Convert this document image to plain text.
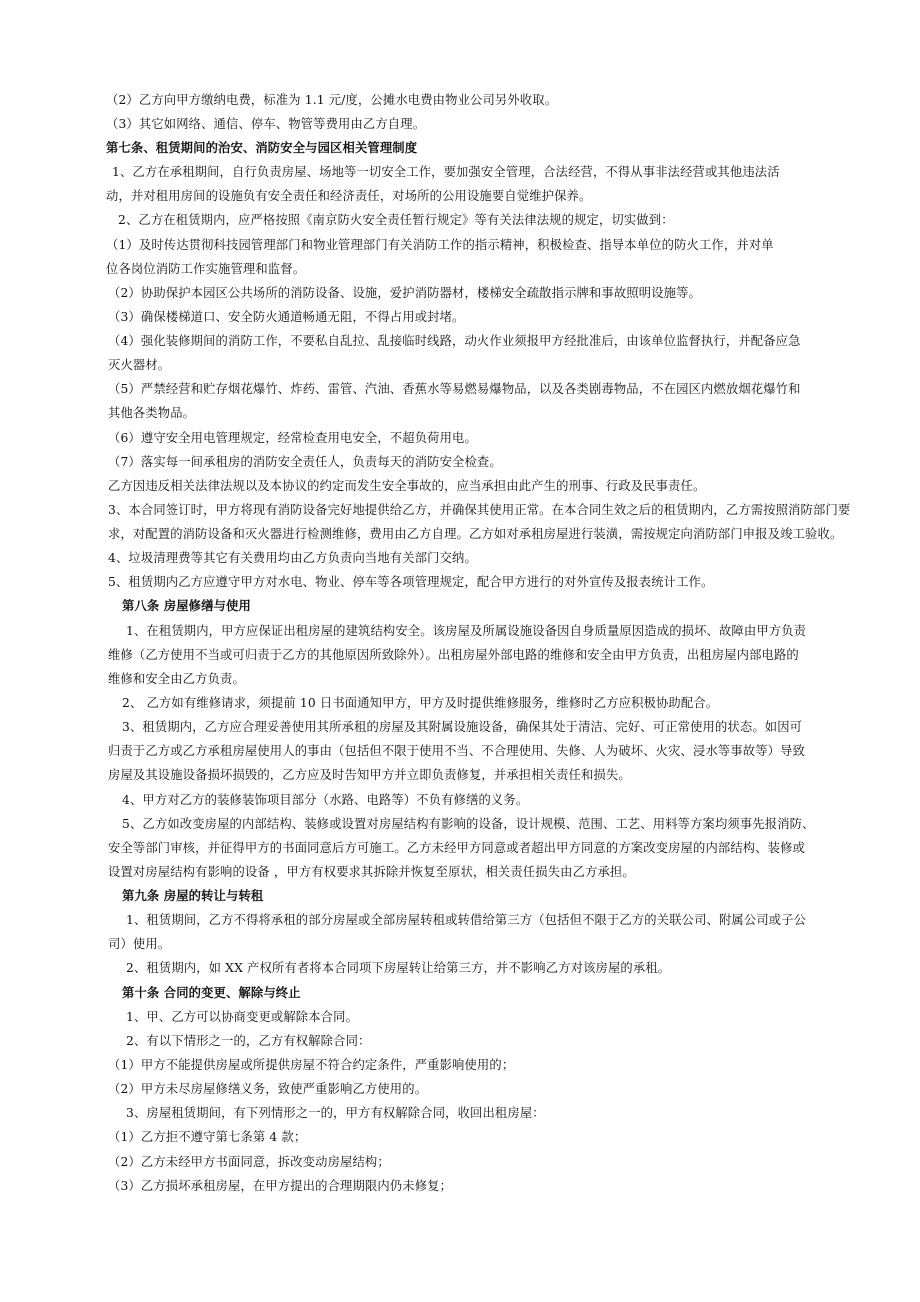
（2）乙方向甲方缴纳电费，标准为 1.1 元/度，公摊水电费由物业公司另外收取。
（3）其它如网络、通信、停车、物管等费用由乙方自理。
第七条、租赁期间的治安、消防安全与园区相关管理制度
1、乙方在承租期间，自行负责房屋、场地等一切安全工作，要加强安全管理，合法经营，不得从事非法经营或其他违法活
动，并对租用房间的设施负有安全责任和经济责任，对场所的公用设施要自觉维护保养。
2、乙方在租赁期内，应严格按照《南京防火安全责任暂行规定》等有关法律法规的规定，切实做到：
（1）及时传达贯彻科技园管理部门和物业管理部门有关消防工作的指示精神，积极检查、指导本单位的防火工作，并对单
位各岗位消防工作实施管理和监督。
（2）协助保护本园区公共场所的消防设备、设施，爱护消防器材，楼梯安全疏散指示牌和事故照明设施等。
（3）确保楼梯道口、安全防火通道畅通无阻，不得占用或封堵。
（4）强化装修期间的消防工作，不要私自乱拉、乱接临时线路，动火作业须报甲方经批准后，由该单位监督执行，并配备应急
灭火器材。
（5）严禁经营和贮存烟花爆竹、炸药、雷管、汽油、香蕉水等易燃易爆物品，以及各类剧毒物品，不在园区内燃放烟花爆竹和
其他各类物品。
（6）遵守安全用电管理规定，经常检查用电安全，不超负荷用电。
（7）落实每一间承租房的消防安全责任人，负责每天的消防安全检查。
乙方因违反相关法律法规以及本协议的约定而发生安全事故的，应当承担由此产生的刑事、行政及民事责任。
3、本合同签订时，甲方将现有消防设备完好地提供给乙方，并确保其使用正常。在本合同生效之后的租赁期内，乙方需按照消防部门要
求，对配置的消防设备和灭火器进行检测维修，费用由乙方自理。乙方如对承租房屋进行装潢，需按规定向消防部门申报及竣工验收。
4、垃圾清理费等其它有关费用均由乙方负责向当地有关部门交纳。
5、租赁期内乙方应遵守甲方对水电、物业、停车等各项管理规定，配合甲方进行的对外宣传及报表统计工作。
第八条 房屋修缮与使用
1、在租赁期内，甲方应保证出租房屋的建筑结构安全。该房屋及所属设施设备因自身质量原因造成的损坏、故障由甲方负责
维修（乙方使用不当或可归责于乙方的其他原因所致除外）。出租房屋外部电路的维修和安全由甲方负责，出租房屋内部电路的
维修和安全由乙方负责。
2、 乙方如有维修请求，须提前 10 日书面通知甲方，甲方及时提供维修服务，维修时乙方应积极协助配合。
3、租赁期内，乙方应合理妥善使用其所承租的房屋及其附属设施设备，确保其处于清洁、完好、可正常使用的状态。如因可
归责于乙方或乙方承租房屋使用人的事由（包括但不限于使用不当、不合理使用、失修、人为破坏、火灾、浸水等事故等）导致
房屋及其设施设备损坏损毁的，乙方应及时告知甲方并立即负责修复，并承担相关责任和损失。
4、甲方对乙方的装修装饰项目部分（水路、电路等）不负有修缮的义务。
5、乙方如改变房屋的内部结构、装修或设置对房屋结构有影响的设备，设计规模、范围、工艺、用料等方案均须事先报消防、
安全等部门审核，并征得甲方的书面同意后方可施工。乙方未经甲方同意或者超出甲方同意的方案改变房屋的内部结构、装修或
设置对房屋结构有影响的设备 ，甲方有权要求其拆除并恢复至原状，相关责任损失由乙方承担。
第九条 房屋的转让与转租
1、租赁期间，乙方不得将承租的部分房屋或全部房屋转租或转借给第三方（包括但不限于乙方的关联公司、附属公司或子公
司）使用。
2、租赁期内，如 XX 产权所有者将本合同项下房屋转让给第三方，并不影响乙方对该房屋的承租。
第十条 合同的变更、解除与终止
1、甲、乙方可以协商变更或解除本合同。
2、有以下情形之一的，乙方有权解除合同：
（1）甲方不能提供房屋或所提供房屋不符合约定条件，严重影响使用的；
（2）甲方未尽房屋修缮义务，致使严重影响乙方使用的。
3、房屋租赁期间，有下列情形之一的，甲方有权解除合同，收回出租房屋：
（1）乙方拒不遵守第七条第 4 款；
（2）乙方未经甲方书面同意，拆改变动房屋结构；
（3）乙方损坏承租房屋，在甲方提出的合理期限内仍未修复；
